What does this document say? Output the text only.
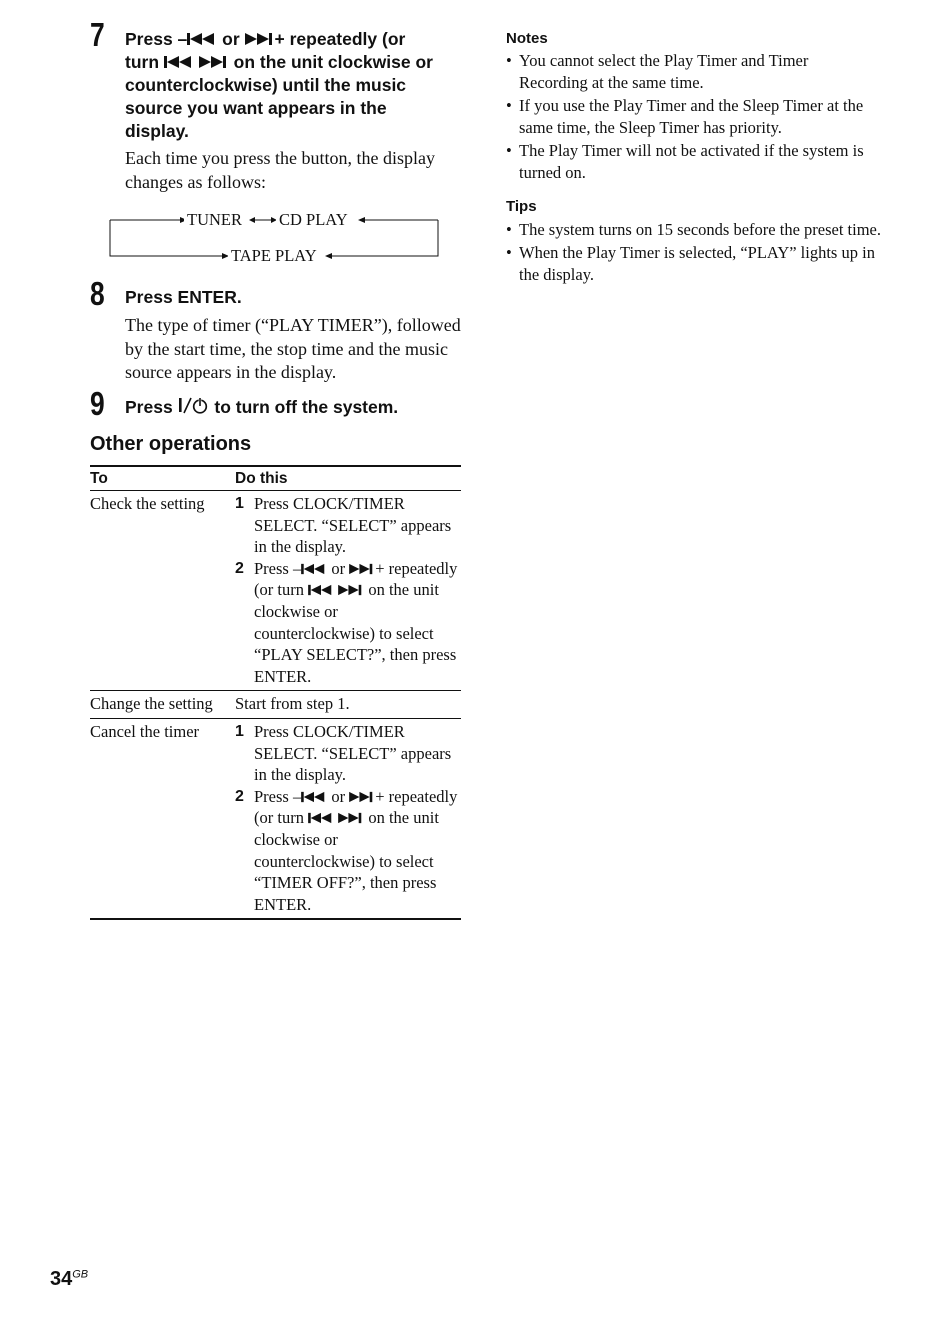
7 Press – or + repeatedly (or
turn	on the unit clockwise or
counterclockwise) until the music
source you want appears in the
display.
Each time you press the button, the display changes as follows:
TUNER CD PLAY
TAPE PLAY
8 Press ENTER.
The type of timer (“PLAY TIMER”), followed by the start time, the stop time and the music source appears in the display.
9 Press  to turn off the system.
Other operations
To	Do this
Check the setting	1 Press CLOCK/TIMER SELECT. “SELECT” appears in the display.
2 Press – or + repeatedly (or turn on the unit clockwise or counterclockwise) to select “PLAY SELECT?”, then press ENTER.

Change the setting	Start from step 1.
Cancel the timer	1 Press CLOCK/TIMER SELECT. “SELECT” appears in the display.
2 Press – or + repeatedly (or turn on the unit clockwise or counterclockwise) to select “TIMER OFF?”, then press ENTER.
Notes
• You cannot select the Play Timer and Timer Recording at the same time.
• If you use the Play Timer and the Sleep Timer at the same time, the Sleep Timer has priority.
• The Play Timer will not be activated if the system is turned on.
Tips
• The system turns on 15 seconds before the preset time.
• When the Play Timer is selected, “PLAY” lights up in the display.
$34^{GB}$
